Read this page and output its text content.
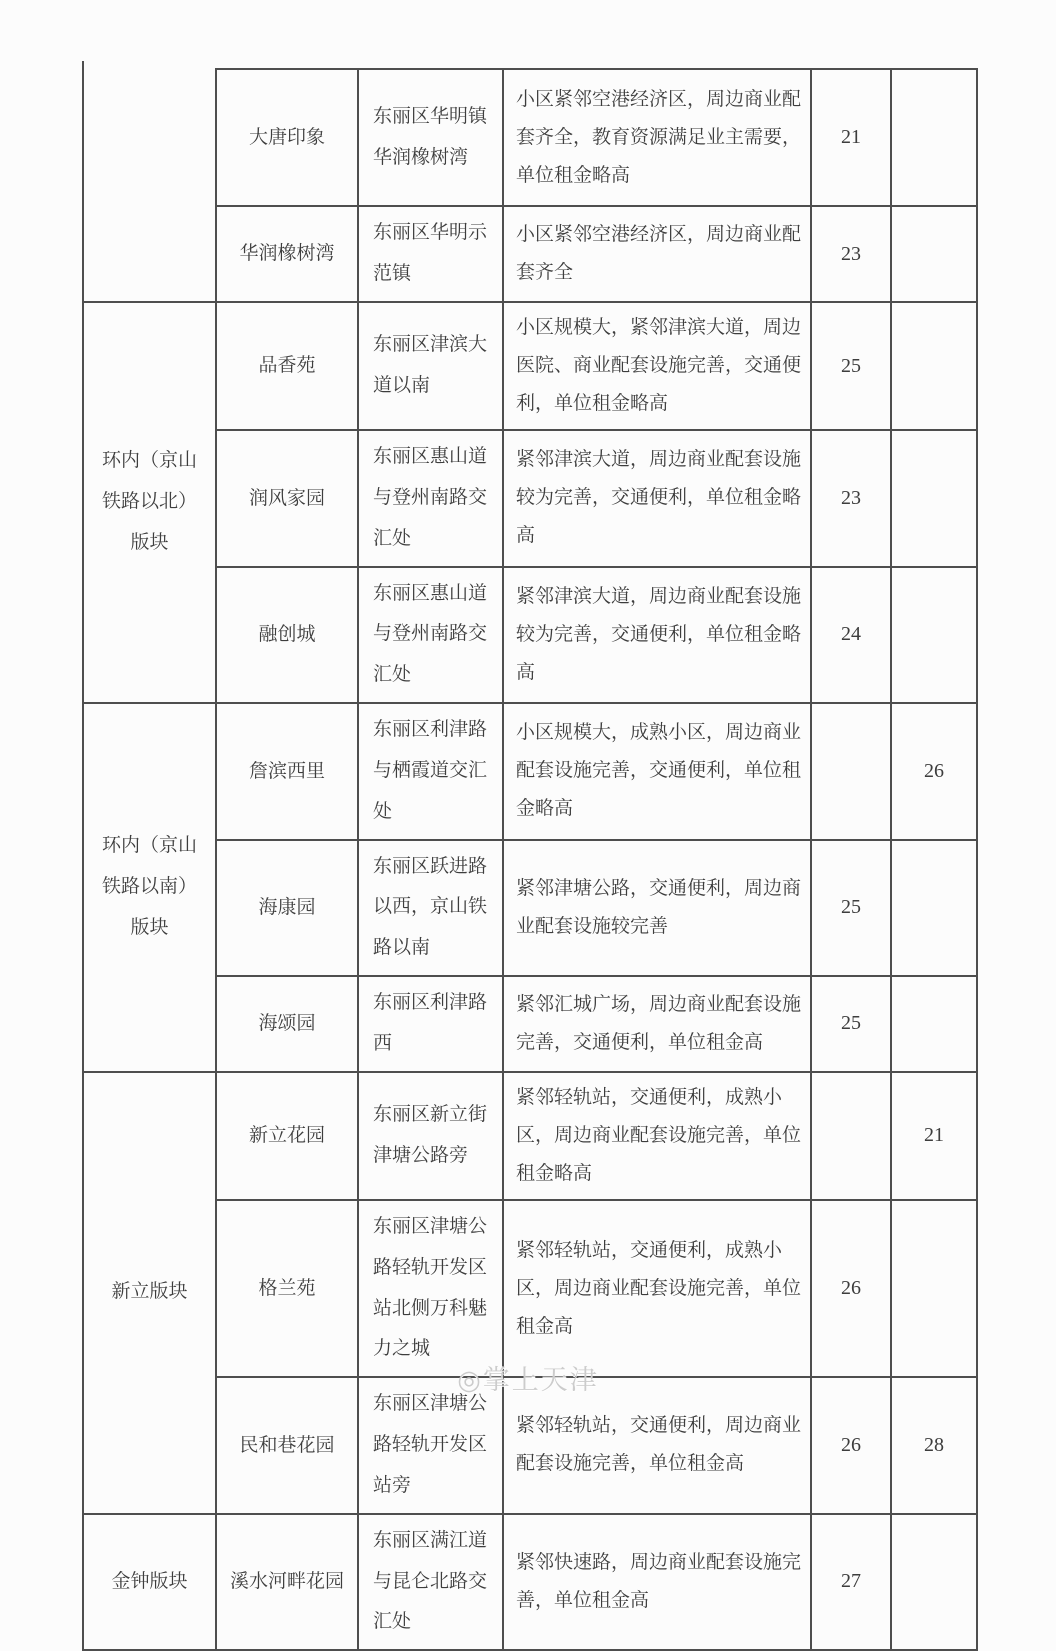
	大唐印象	东丽区华明镇华润橡树湾	小区紧邻空港经济区，周边商业配套齐全，教育资源满足业主需要，单位租金略高	21	
	华润橡树湾	东丽区华明示范镇	小区紧邻空港经济区，周边商业配套齐全	23	
环内（京山铁路以北）版块	品香苑	东丽区津滨大道以南	小区规模大，紧邻津滨大道，周边医院、商业配套设施完善，交通便利，单位租金略高	25	
	润风家园	东丽区惠山道与登州南路交汇处	紧邻津滨大道，周边商业配套设施较为完善，交通便利，单位租金略高	23	
	融创城	东丽区惠山道与登州南路交汇处	紧邻津滨大道，周边商业配套设施较为完善，交通便利，单位租金略高	24	
环内（京山铁路以南）版块	詹滨西里	东丽区利津路与栖霞道交汇处	小区规模大，成熟小区，周边商业配套设施完善，交通便利，单位租金略高		26
	海康园	东丽区跃进路以西，京山铁路以南	紧邻津塘公路，交通便利，周边商业配套设施较完善	25	
	海颂园	东丽区利津路西	紧邻汇城广场，周边商业配套设施完善，交通便利，单位租金高	25	
新立版块	新立花园	东丽区新立街津塘公路旁	紧邻轻轨站，交通便利，成熟小区，周边商业配套设施完善，单位租金略高		21
	格兰苑	东丽区津塘公路轻轨开发区站北侧万科魅力之城	紧邻轻轨站，交通便利，成熟小区，周边商业配套设施完善，单位租金高	26	
	民和巷花园	东丽区津塘公路轻轨开发区站旁	紧邻轻轨站，交通便利，周边商业配套设施完善，单位租金高	26	28
金钟版块	溪水河畔花园	东丽区满江道与昆仑北路交汇处	紧邻快速路，周边商业配套设施完善，单位租金高	27	
◎掌上天津
